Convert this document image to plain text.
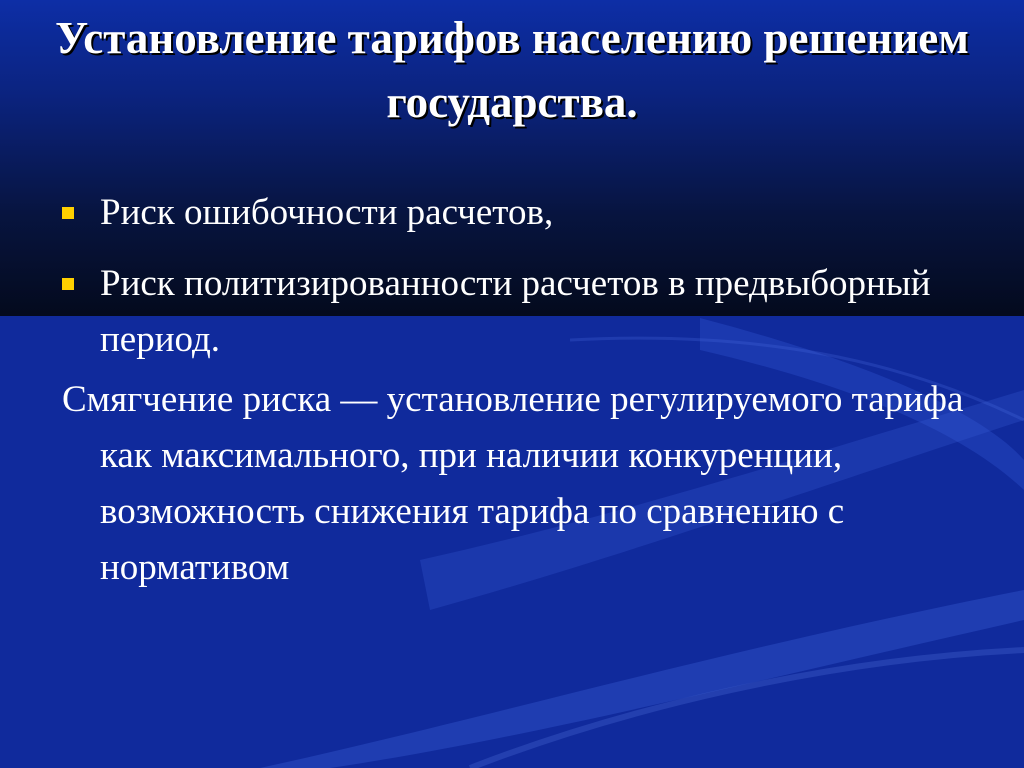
Установление тарифов населению решением государства.
Риск ошибочности расчетов,
Риск политизированности расчетов в предвыборный период.

Смягчение риска — установление регулируемого тарифа как максимального, при наличии конкуренции, возможность снижения тарифа по сравнению с нормативом
